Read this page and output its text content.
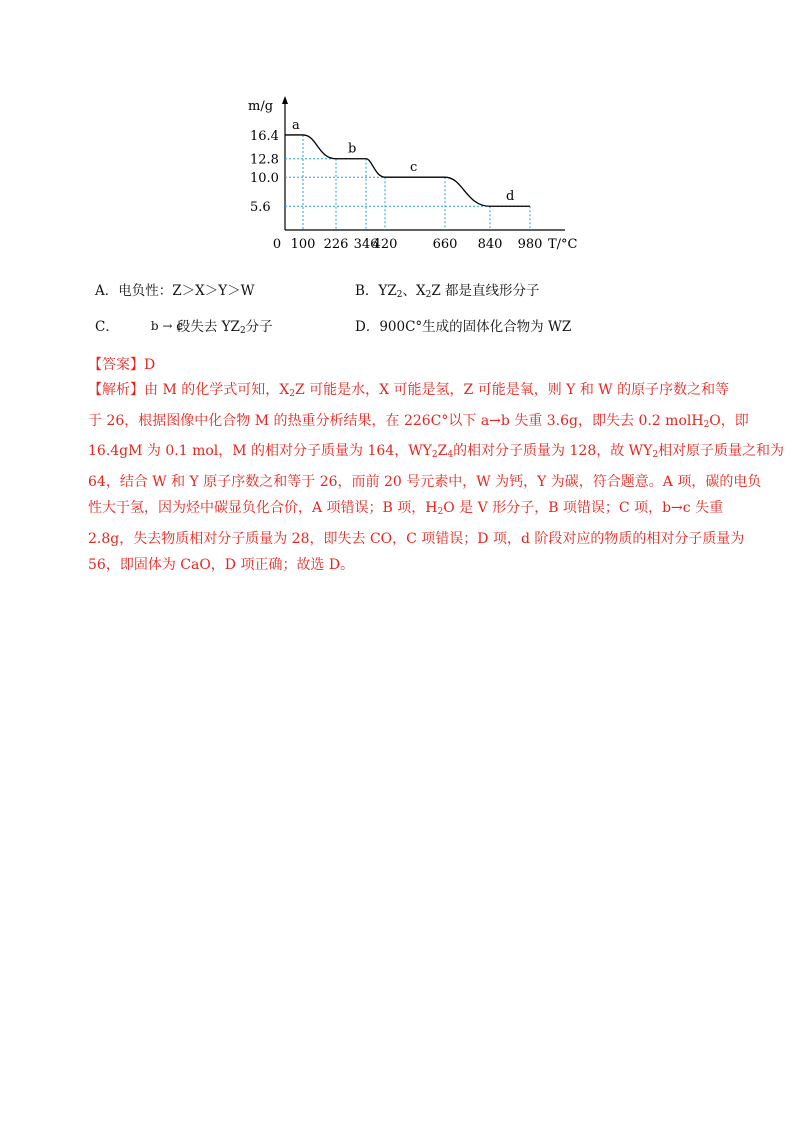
m/g
16.4
12.8
10.0
5.6
0 100 226 346
420	660 840 980
a
b
c
d
T/°C
A．电负性：Z＞X＞Y＞W	B．$YZ_2$、$X_2Z$ 都是直线形分子
C．	b → c
段失去 $YZ_2$分子	D．900C°生成的固体化合物为 WZ
【答案】D
【解析】由 M 的化学式可知，$X_2Z$ 可能是水，X 可能是氢，Z 可能是氧，则 Y 和 W 的原子序数之和等
于 26，根据图像中化合物 M 的热重分析结果，在 226C°以下 a→b 失重 3.6g，即失去 0.2 molH$_2$O，即
16.4gM 为 0.1 mol，M 的相对分子质量为 164，$WY_2Z_4$的相对分子质量为 128，故 $WY_2$相对原子质量之和为
64，结合 W 和 Y 原子序数之和等于 26，而前 20 号元素中，W 为钙，Y 为碳，符合题意。A 项，碳的电负
性大于氢，因为烃中碳显负化合价，A 项错误；B 项，$H_2O$ 是 V 形分子，B 项错误；C 项，b→c 失重
2.8g，失去物质相对分子质量为 28，即失去 CO，C 项错误；D 项，d 阶段对应的物质的相对分子质量为
56，即固体为 CaO，D 项正确；故选 D。
